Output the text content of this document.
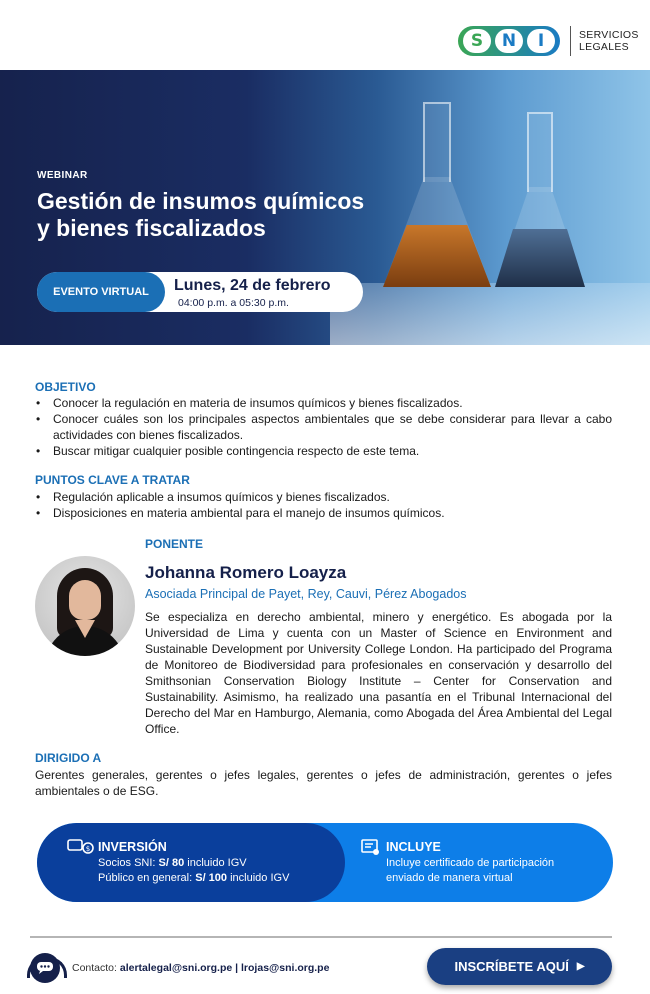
S	N	I	SERVICIOS
LEGALES
WEBINAR
Gestión de insumos químicos
y bienes fiscalizados
EVENTO VIRTUAL	Lunes, 24 de febrero
04:00 p.m. a 05:30 p.m.
OBJETIVO
• Conocer la regulación en materia de insumos químicos y bienes fiscalizados.
• Conocer cuáles son los principales aspectos ambientales que se debe considerar para llevar a cabo actividades con bienes fiscalizados.
• Buscar mitigar cualquier posible contingencia respecto de este tema.
PUNTOS CLAVE A TRATAR
• Regulación aplicable a insumos químicos y bienes fiscalizados.
• Disposiciones en materia ambiental para el manejo de insumos químicos.
PONENTE
Johanna Romero Loayza
Asociada Principal de Payet, Rey, Cauvi, Pérez Abogados
Se especializa en derecho ambiental, minero y energético. Es abogada por la Universidad de Lima y cuenta con un Master of Science en Environment and Sustainable Development por University College London. Ha participado del Programa de Monitoreo de Biodiversidad para profesionales en conservación y desarrollo del Smithsonian Conservation Biology Institute – Center for Conservation and Sustainability. Asimismo, ha realizado una pasantía en el Tribunal Internacional del Derecho del Mar en Hamburgo, Alemania, como Abogada del Área Ambiental del Legal Office.
DIRIGIDO A
Gerentes generales, gerentes o jefes legales, gerentes o jefes de administración, gerentes o jefes ambientales o de ESG.
$ INVERSIÓN
Socios SNI: S/ 80 incluido IGV
Público en general: S/ 100 incluido IGV
INCLUYE
Incluye certificado de participación
enviado de manera virtual
Contacto: alertalegal@sni.org.pe | lrojas@sni.org.pe	INSCRÍBETE AQUÍ ▶
